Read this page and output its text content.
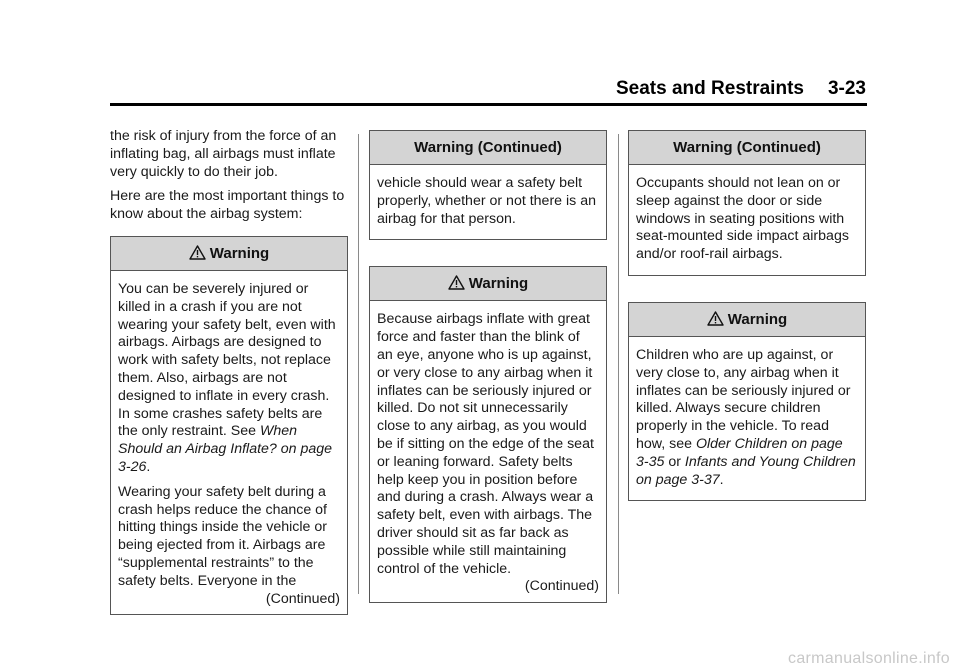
Seats and Restraints 3-23

the risk of injury from the force of an inflating bag, all airbags must inflate very quickly to do their job.

Here are the most important things to know about the airbag system:

Warning

You can be severely injured or killed in a crash if you are not wearing your safety belt, even with airbags. Airbags are designed to work with safety belts, not replace them. Also, airbags are not designed to inflate in every crash. In some crashes safety belts are the only restraint. See When Should an Airbag Inflate? on page 3-26.

Wearing your safety belt during a crash helps reduce the chance of hitting things inside the vehicle or being ejected from it. Airbags are “supplemental restraints” to the safety belts. Everyone in the

(Continued)
Warning (Continued)

vehicle should wear a safety belt properly, whether or not there is an airbag for that person.

Warning

Because airbags inflate with great force and faster than the blink of an eye, anyone who is up against, or very close to any airbag when it inflates can be seriously injured or killed. Do not sit unnecessarily close to any airbag, as you would be if sitting on the edge of the seat or leaning forward. Safety belts help keep you in position before and during a crash. Always wear a safety belt, even with airbags. The driver should sit as far back as possible while still maintaining control of the vehicle.

(Continued)
Warning (Continued)

Occupants should not lean on or sleep against the door or side windows in seating positions with seat-mounted side impact airbags and/or roof-rail airbags.

Warning

Children who are up against, or very close to, any airbag when it inflates can be seriously injured or killed. Always secure children properly in the vehicle. To read how, see Older Children on page 3-35 or Infants and Young Children on page 3-37.

carmanualsonline.info
